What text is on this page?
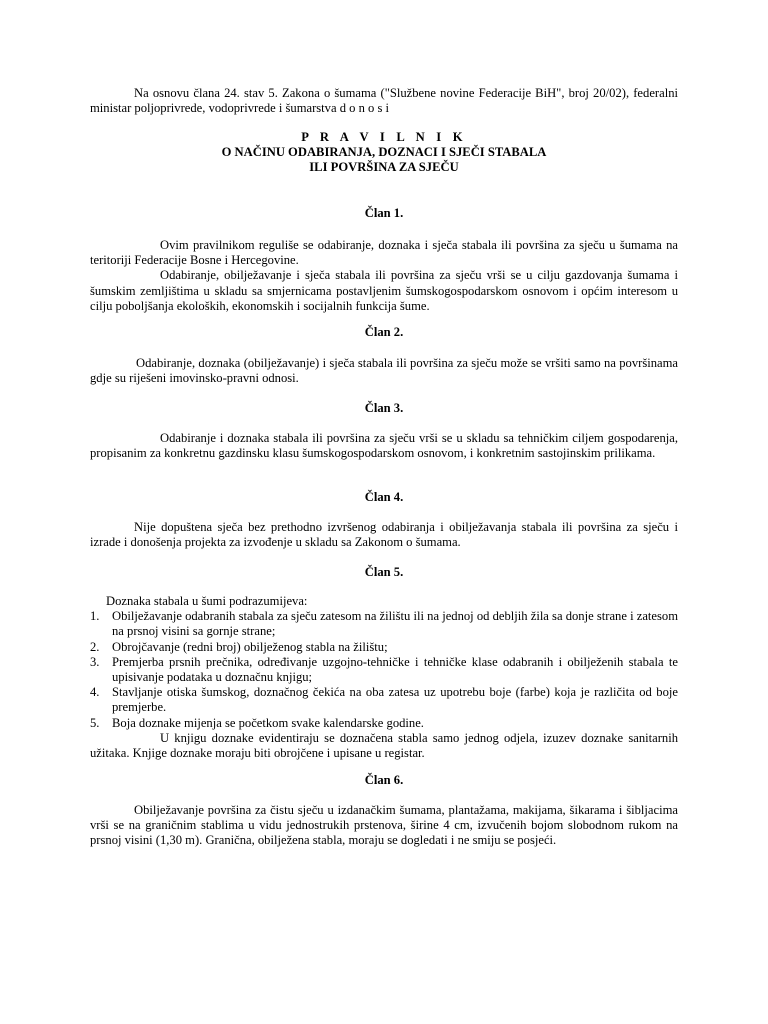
Na osnovu člana 24. stav 5. Zakona o šumama ("Službene novine Federacije BiH", broj 20/02), federalni ministar poljoprivrede, vodoprivrede i šumarstva d o n o s i

P R A V I L N I K

O NAČINU ODABIRANJA, DOZNACI I SJEČI STABALA

ILI POVRŠINA ZA SJEČU

Član 1.

Ovim pravilnikom reguliše se odabiranje, doznaka i sječa stabala ili površina za sječu u šumama na teritoriji Federacije Bosne i Hercegovine.

Odabiranje, obilježavanje i sječa stabala ili površina za sječu vrši se u cilju gazdovanja šumama i šumskim zemljištima u skladu sa smjernicama postavljenim šumskogospodarskom osnovom i općim interesom u cilju poboljšanja ekoloških, ekonomskih i socijalnih funkcija šume.

Član 2.

Odabiranje, doznaka (obilježavanje) i sječa stabala ili površina za sječu može se vršiti samo na površinama gdje su riješeni imovinsko-pravni odnosi.

Član 3.

Odabiranje i doznaka stabala ili površina za sječu vrši se u skladu sa tehničkim ciljem gospodarenja, propisanim za konkretnu gazdinsku klasu šumskogospodarskom osnovom, i konkretnim sastojinskim prilikama.

Član 4.

Nije dopuštena sječa bez prethodno izvršenog odabiranja i obilježavanja stabala ili površina za sječu i izrade i donošenja projekta za izvođenje u skladu sa Zakonom o šumama.

Član 5.

Doznaka stabala u šumi podrazumijeva:

1. Obilježavanje odabranih stabala za sječu zatesom na žilištu ili na jednoj od debljih žila sa donje strane i zatesom na prsnoj visini sa gornje strane;

2. Obrojčavanje (redni broj) obilježenog stabla na žilištu;

3. Premjerba prsnih prečnika, određivanje uzgojno-tehničke i tehničke klase odabranih i obilježenih stabala te upisivanje podataka u doznačnu knjigu;

4. Stavljanje otiska šumskog, doznačnog čekića na oba zatesa uz upotrebu boje (farbe) koja je različita od boje premjerbe.

5. Boja doznake mijenja se početkom svake kalendarske godine.

U knjigu doznake evidentiraju se doznačena stabla samo jednog odjela, izuzev doznake sanitarnih užitaka. Knjige doznake moraju biti obrojčene i upisane u registar.

Član 6.

Obilježavanje površina za čistu sječu u izdanačkim šumama, plantažama, makijama, šikarama i šibljacima vrši se na graničnim stablima u vidu jednostrukih prstenova, širine 4 cm, izvučenih bojom slobodnom rukom na prsnoj visini (1,30 m). Granična, obilježena stabla, moraju se dogledati i ne smiju se posjeći.
